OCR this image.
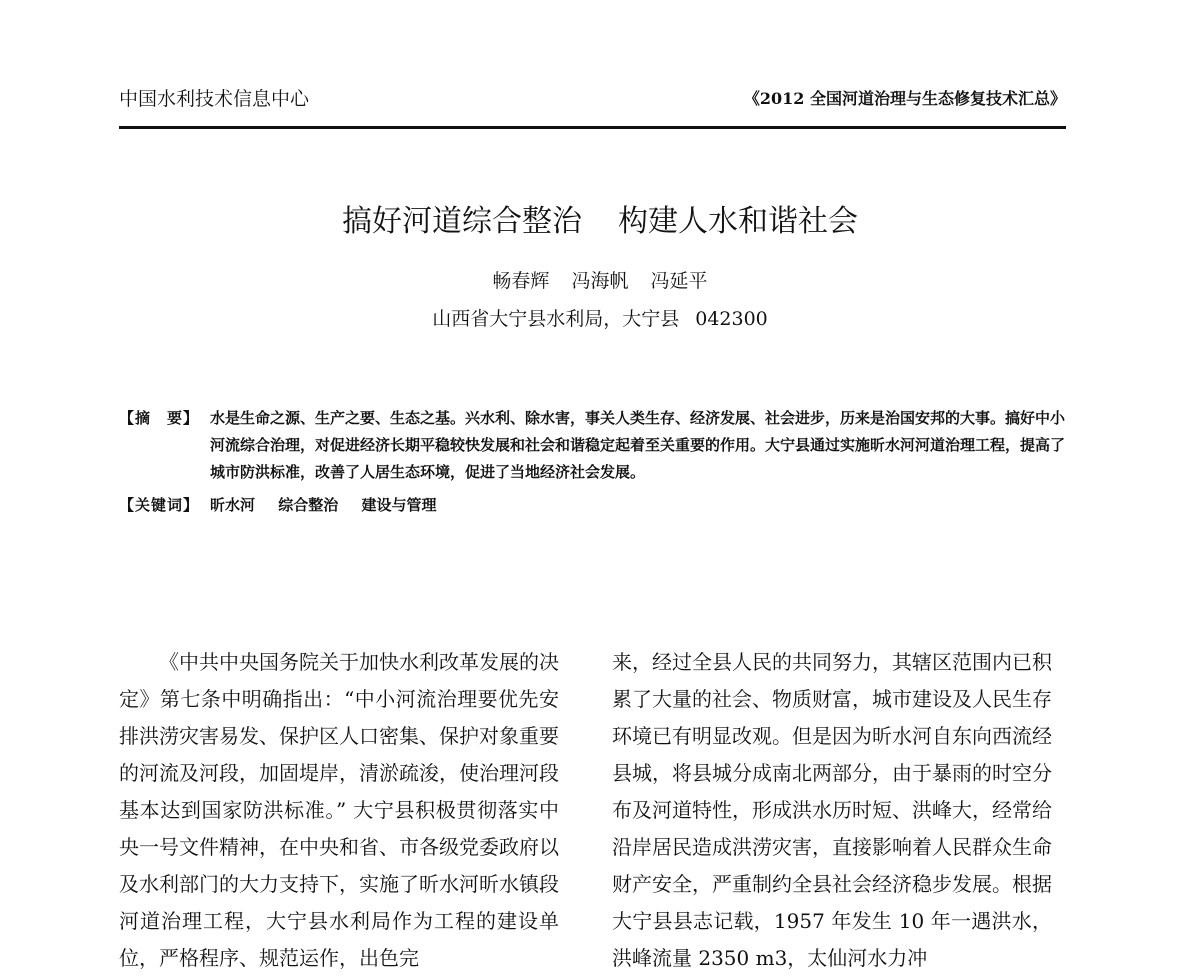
中国水利技术信息中心	《2012 全国河道治理与生态修复技术汇总》
搞好河道综合整治 构建人水和谐社会
畅春辉 冯海帆 冯延平
山西省大宁县水利局，大宁县 042300
【摘　要】 水是生命之源、生产之要、生态之基。兴水利、除水害，事关人类生存、经济发展、社会进步，历来是治国安邦的大事。搞好中小河流综合治理，对促进经济长期平稳较快发展和社会和谐稳定起着至关重要的作用。大宁县通过实施昕水河河道治理工程，提高了城市防洪标准，改善了人居生态环境，促进了当地经济社会发展。
【关键词】 昕水河 综合整治 建设与管理

《中共中央国务院关于加快水利改革发展的决定》第七条中明确指出：“中小河流治理要优先安排洪涝灾害易发、保护区人口密集、保护对象重要的河流及河段，加固堤岸，清淤疏浚，使治理河段基本达到国家防洪标准。” 大宁县积极贯彻落实中央一号文件精神，在中央和省、市各级党委政府以及水利部门的大力支持下，实施了昕水河昕水镇段河道治理工程，大宁县水利局作为工程的建设单位，严格程序、规范运作，出色完

来，经过全县人民的共同努力，其辖区范围内已积累了大量的社会、物质财富，城市建设及人民生存环境已有明显改观。但是因为昕水河自东向西流经县城，将县城分成南北两部分，由于暴雨的时空分布及河道特性，形成洪水历时短、洪峰大，经常给沿岸居民造成洪涝灾害，直接影响着人民群众生命财产安全，严重制约全县社会经济稳步发展。根据大宁县县志记载，1957 年发生 10 年一遇洪水，洪峰流量 2350 m3，太仙河水力冲
